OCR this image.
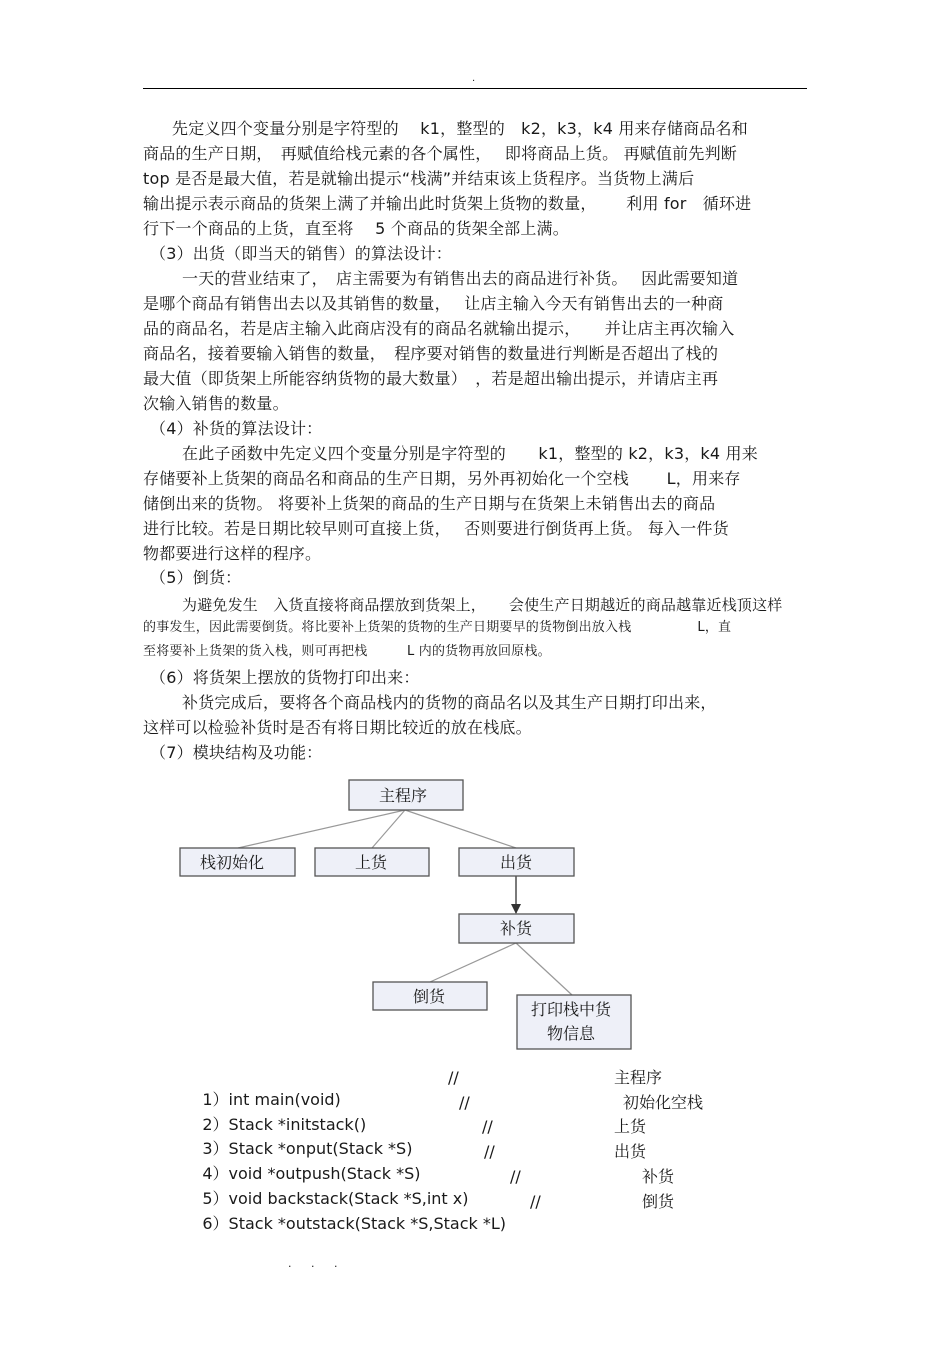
.
先定义四个变量分别是字符型的　 k1，整型的　k2，k3，k4 用来存储商品名和
商品的生产日期，　再赋值给栈元素的各个属性，　 即将商品上货。 再赋值前先判断
top 是否是最大值，若是就输出提示“栈满”并结束该上货程序。当货物上满后
输出提示表示商品的货架上满了并输出此时货架上货物的数量，　　 利用 for　循环进
行下一个商品的上货，直至将　 5 个商品的货架全部上满。
（3）出货（即当天的销售）的算法设计：
一天的营业结束了，　店主需要为有销售出去的商品进行补货。　 因此需要知道
是哪个商品有销售出去以及其销售的数量，　 让店主输入今天有销售出去的一种商
品的商品名，若是店主输入此商店没有的商品名就输出提示，　　并让店主再次输入
商品名，接着要输入销售的数量，　程序要对销售的数量进行判断是否超出了栈的
最大值（即货架上所能容纳货物的最大数量）　，若是超出输出提示，并请店主再
次输入销售的数量。
（4）补货的算法设计：
在此子函数中先定义四个变量分别是字符型的　　k1，整型的 k2，k3，k4 用来
存储要补上货架的商品名和商品的生产日期，另外再初始化一个空栈　　 L，用来存
储倒出来的货物。 将要补上货架的商品的生产日期与在货架上未销售出去的商品
进行比较。若是日期比较早则可直接上货，　 否则要进行倒货再上货。 每入一件货
物都要进行这样的程序。
（5）倒货：
为避免发生　入货直接将商品摆放到货架上，　　会使生产日期越近的商品越靠近栈顶这样
的事发生，因此需要倒货。将比要补上货架的货物的生产日期要早的货物倒出放入栈　　　　　L，直
至将要补上货架的货入栈，则可再把栈　　　L 内的货物再放回原栈。
（6）将货架上摆放的货物打印出来：
补货完成后，要将各个商品栈内的货物的商品名以及其生产日期打印出来，
这样可以检验补货时是否有将日期比较近的放在栈底。
（7）模块结构及功能：
主程序
栈初始化	上货	出货
补货
倒货
打印栈中货
物信息

1）int main(void)

//	主程序

2）Stack *initstack()

//	初始化空栈

3）Stack *onput(Stack *S)

//	上货

4）void *outpush(Stack *S)

//	出货

5）void backstack(Stack *S,int x)

//	补货

6）Stack *outstack(Stack *S,Stack *L)

//	倒货
. . .
